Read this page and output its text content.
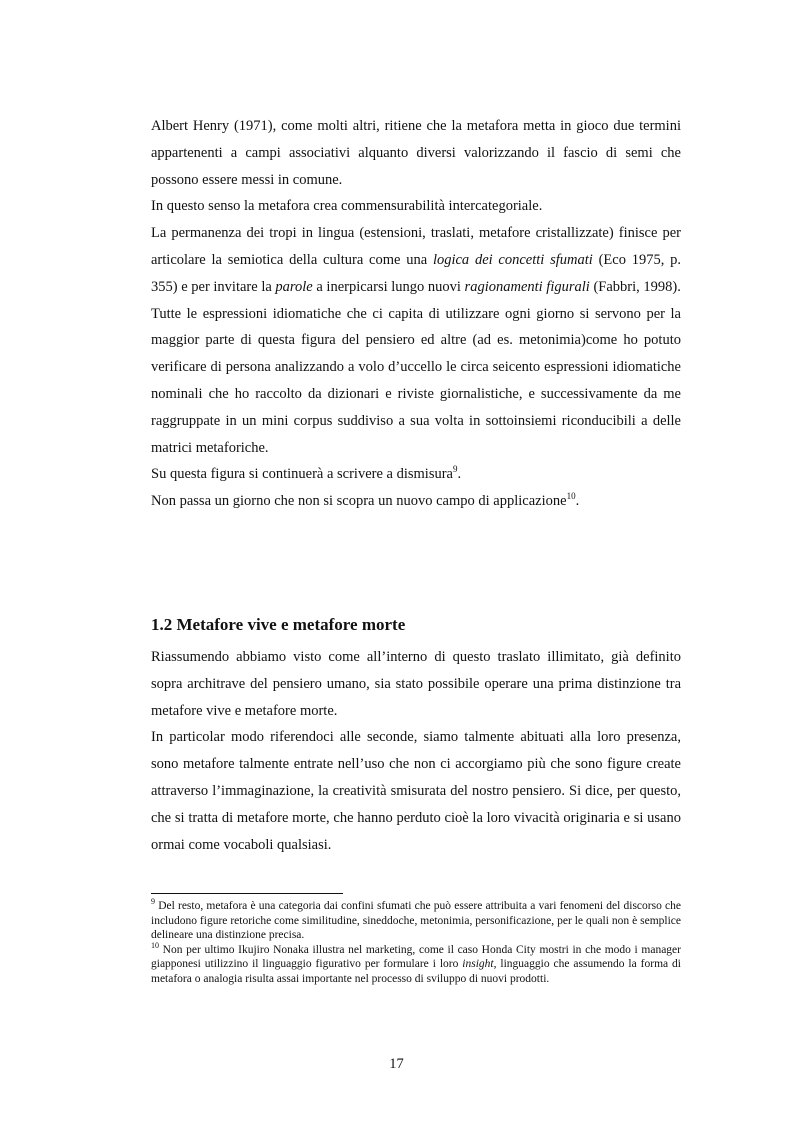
Albert Henry (1971), come molti altri, ritiene che la metafora metta in gioco due termini appartenenti a campi associativi alquanto diversi valorizzando il fascio di semi che possono essere messi in comune.

In questo senso la metafora crea commensurabilità intercategoriale.

La permanenza dei tropi in lingua (estensioni, traslati, metafore cristallizzate) finisce per articolare la semiotica della cultura come una logica dei concetti sfumati (Eco 1975, p. 355) e per invitare la parole a inerpicarsi lungo nuovi ragionamenti figurali (Fabbri, 1998).

Tutte le espressioni idiomatiche che ci capita di utilizzare ogni giorno si servono per la maggior parte di questa figura del pensiero ed altre (ad es. metonimia)come ho potuto verificare di persona analizzando a volo d’uccello le circa seicento espressioni idiomatiche nominali che ho raccolto da dizionari e riviste giornalistiche, e successivamente da me raggruppate in un mini corpus suddiviso a sua volta in sottoinsiemi riconducibili a delle matrici metaforiche.

Su questa figura si continuerà a scrivere a dismisura$^9$.

Non passa un giorno che non si scopra un nuovo campo di applicazione$^{10}$.

1.2 Metafore vive e metafore morte

Riassumendo abbiamo visto come all’interno di questo traslato illimitato, già definito sopra architrave del pensiero umano, sia stato possibile operare una prima distinzione tra metafore vive e metafore morte.

In particolar modo riferendoci alle seconde, siamo talmente abituati alla loro presenza, sono metafore talmente entrate nell’uso che non ci accorgiamo più che sono figure create attraverso l’immaginazione, la creatività smisurata del nostro pensiero. Si dice, per questo, che si tratta di metafore morte, che hanno perduto cioè la loro vivacità originaria e si usano ormai come vocaboli qualsiasi.

$^9$ Del resto, metafora è una categoria dai confini sfumati che può essere attribuita a vari fenomeni del discorso che includono figure retoriche come similitudine, sineddoche, metonimia, personificazione, per le quali non è semplice delineare una distinzione precisa.

$^{10}$ Non per ultimo Ikujiro Nonaka illustra nel marketing, come il caso Honda City mostri in che modo i manager giapponesi utilizzino il linguaggio figurativo per formulare i loro insight, linguaggio che assumendo la forma di metafora o analogia risulta assai importante nel processo di sviluppo di nuovi prodotti.

17
